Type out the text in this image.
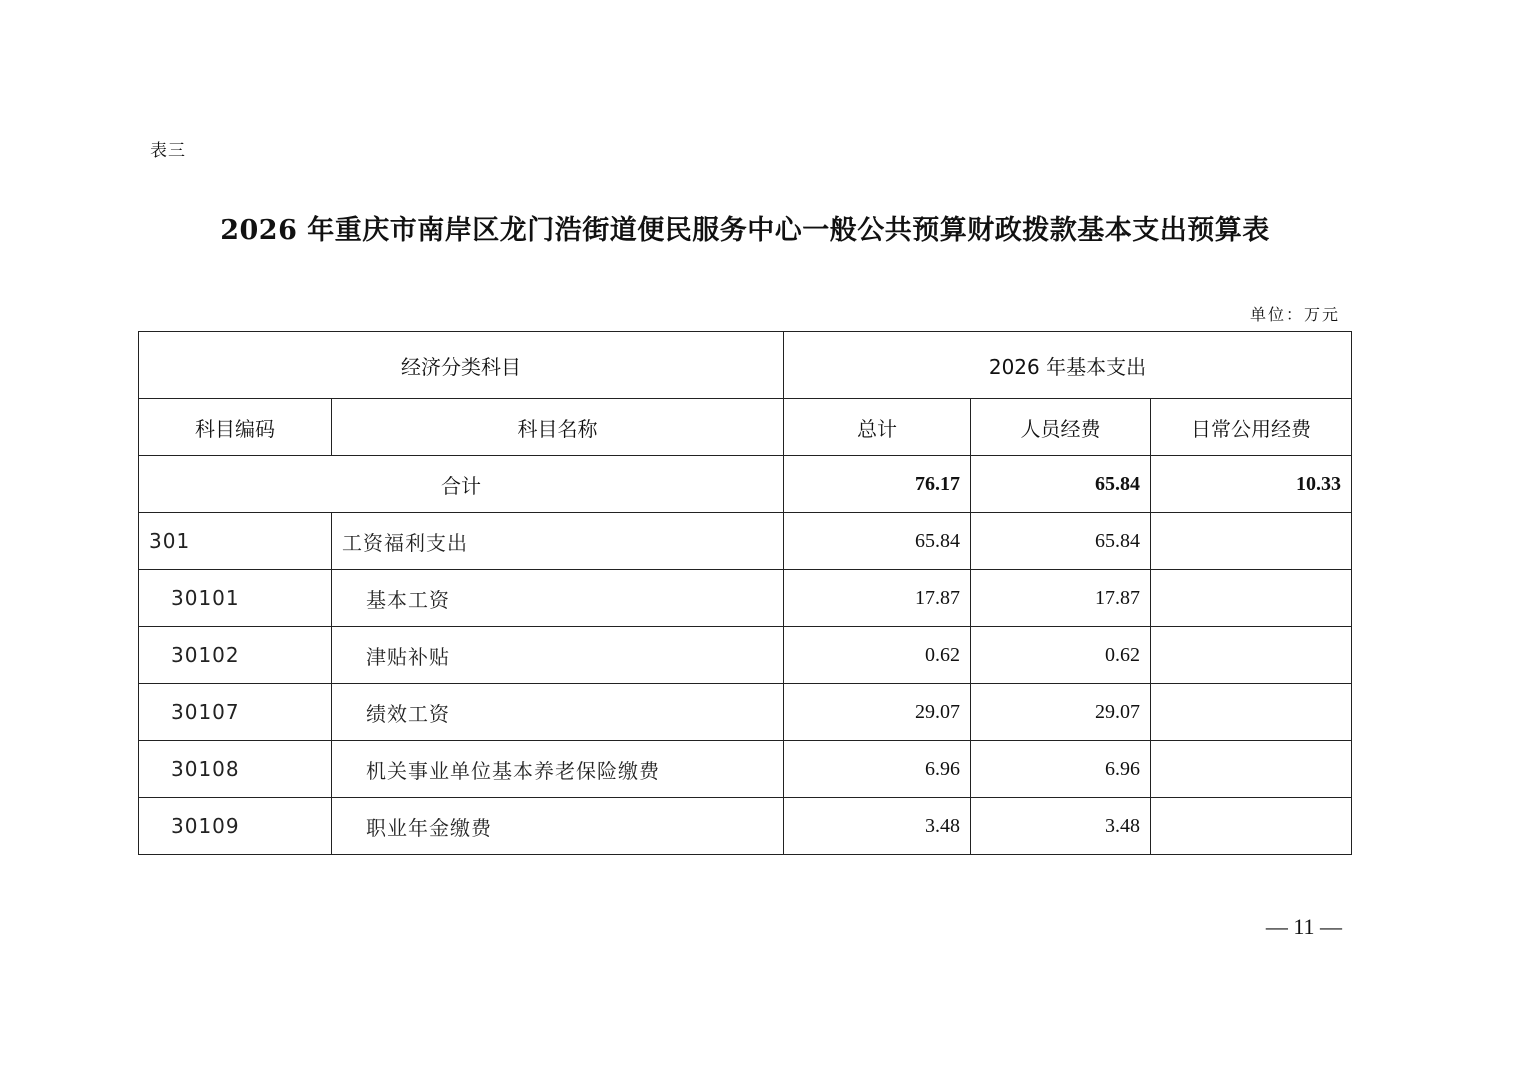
表三
2026 年重庆市南岸区龙门浩街道便民服务中心一般公共预算财政拨款基本支出预算表
单位：万元
经济分类科目		2026 年基本支出		
科目编码	科目名称	总计	人员经费	日常公用经费
合计		76.17	65.84	10.33
301	工资福利支出	65.84	65.84	
30101	基本工资	17.87	17.87	
30102	津贴补贴	0.62	0.62	
30107	绩效工资	29.07	29.07	
30108	机关事业单位基本养老保险缴费	6.96	6.96	
30109	职业年金缴费	3.48	3.48	
— 11 —
